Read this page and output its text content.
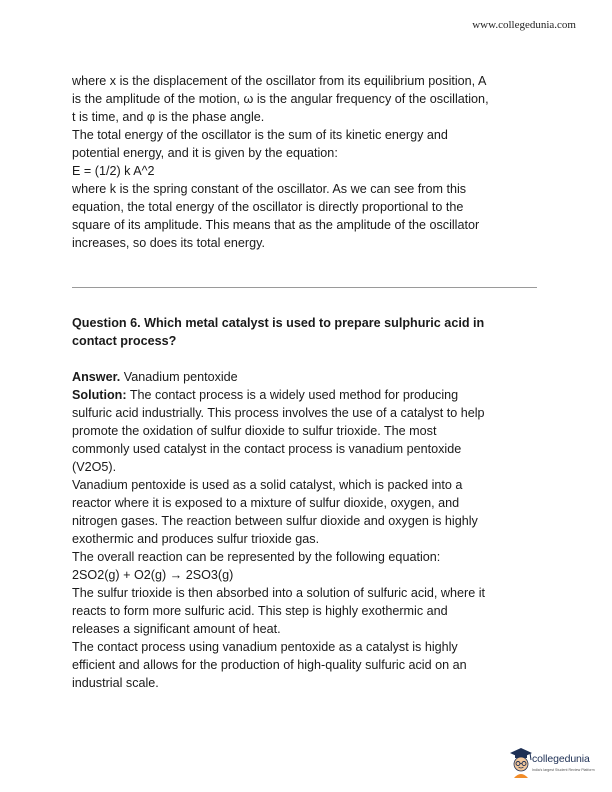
www.collegedunia.com

where x is the displacement of the oscillator from its equilibrium position, A

is the amplitude of the motion, ω is the angular frequency of the oscillation,

t is time, and φ is the phase angle.

The total energy of the oscillator is the sum of its kinetic energy and

potential energy, and it is given by the equation:

E = (1/2) k A^2

where k is the spring constant of the oscillator. As we can see from this

equation, the total energy of the oscillator is directly proportional to the

square of its amplitude. This means that as the amplitude of the oscillator

increases, so does its total energy.

Question 6. Which metal catalyst is used to prepare sulphuric acid in
contact process?

Answer. Vanadium pentoxide

Solution: The contact process is a widely used method for producing

sulfuric acid industrially. This process involves the use of a catalyst to help

promote the oxidation of sulfur dioxide to sulfur trioxide. The most

commonly used catalyst in the contact process is vanadium pentoxide

(V2O5).

Vanadium pentoxide is used as a solid catalyst, which is packed into a

reactor where it is exposed to a mixture of sulfur dioxide, oxygen, and

nitrogen gases. The reaction between sulfur dioxide and oxygen is highly

exothermic and produces sulfur trioxide gas.

The overall reaction can be represented by the following equation:

2SO2(g) + O2(g) → 2SO3(g)

The sulfur trioxide is then absorbed into a solution of sulfuric acid, where it

reacts to form more sulfuric acid. This step is highly exothermic and

releases a significant amount of heat.

The contact process using vanadium pentoxide as a catalyst is highly

efficient and allows for the production of high-quality sulfuric acid on an

industrial scale.

collegedunia
India's largest Student Review Platform
